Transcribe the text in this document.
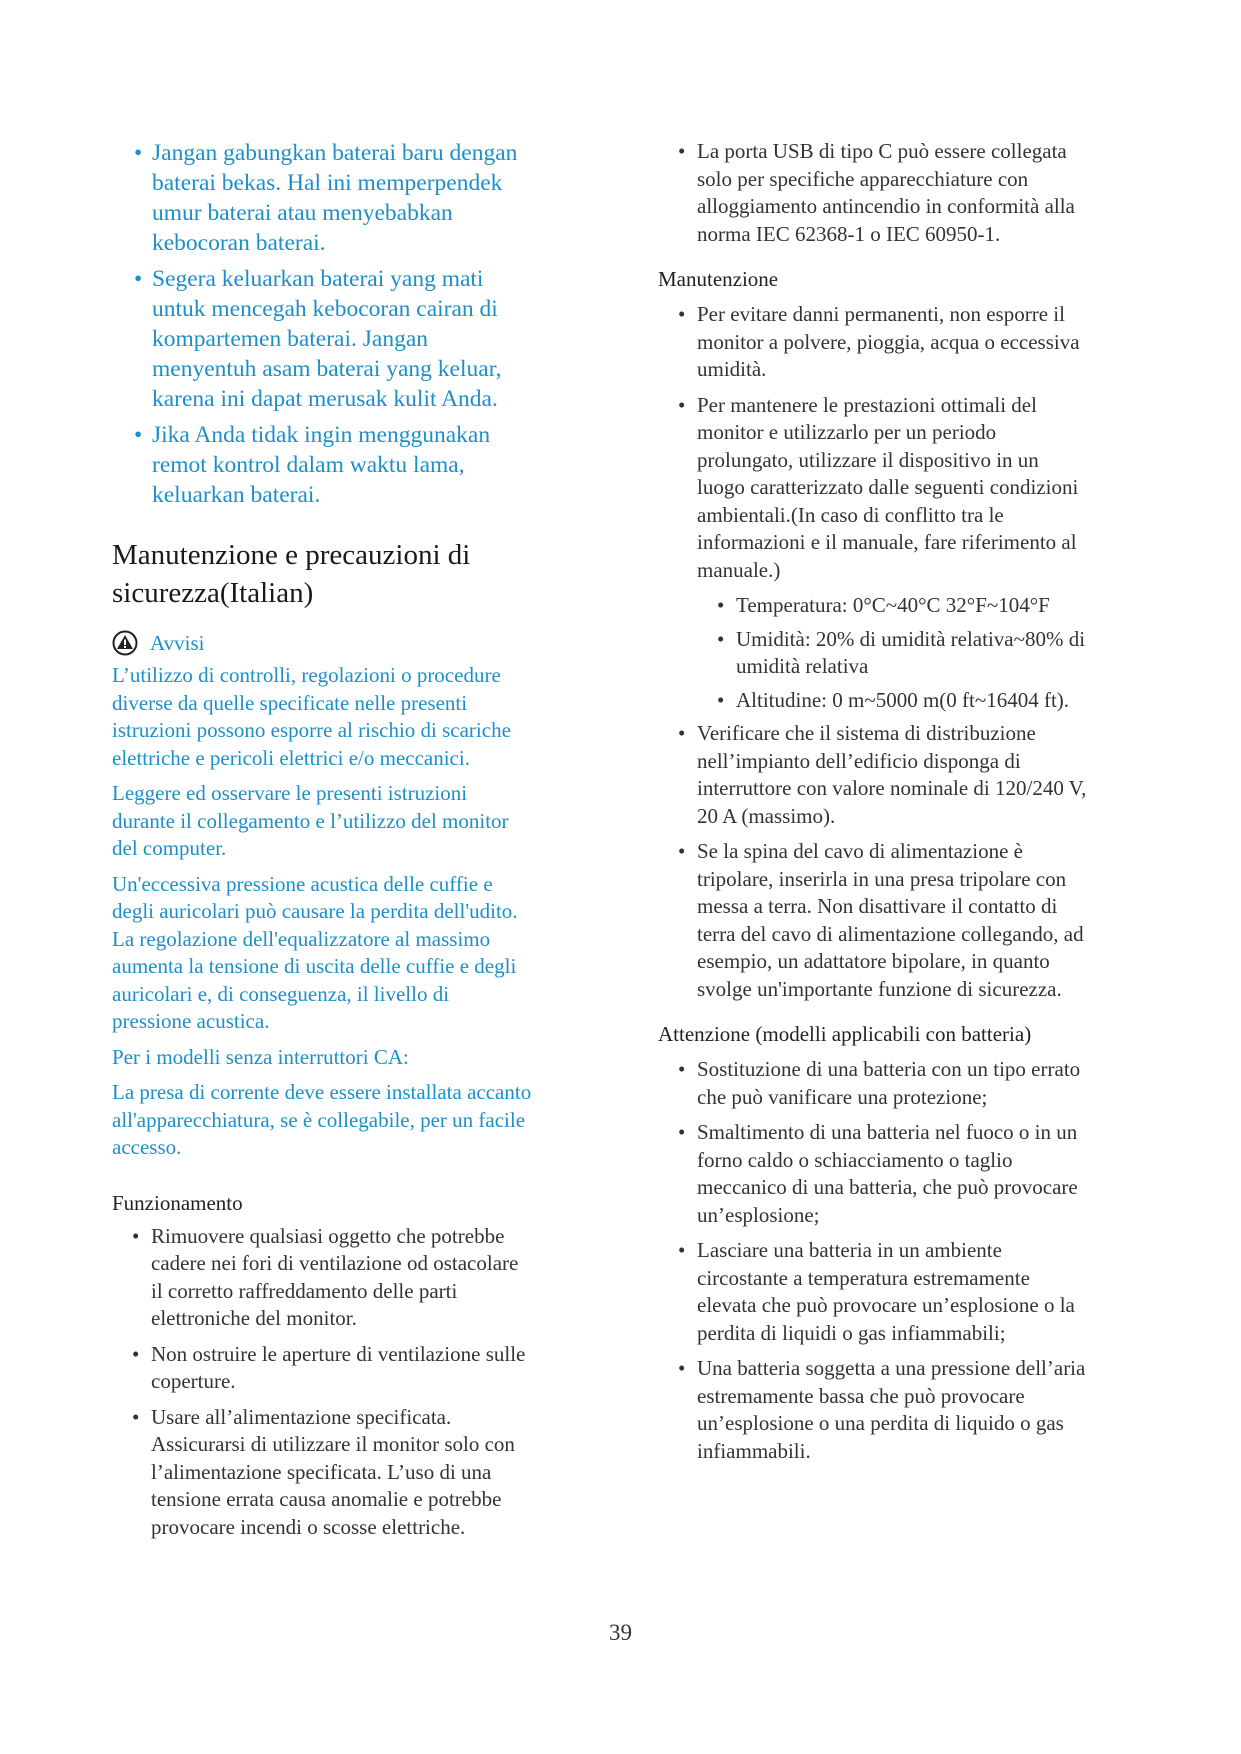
• Jangan gabungkan baterai baru dengan baterai bekas. Hal ini memperpendek umur baterai atau menyebabkan kebocoran baterai.
• Segera keluarkan baterai yang mati untuk mencegah kebocoran cairan di kompartemen baterai. Jangan menyentuh asam baterai yang keluar, karena ini dapat merusak kulit Anda.
• Jika Anda tidak ingin menggunakan remot kontrol dalam waktu lama, keluarkan baterai.
Manutenzione e precauzioni di sicurezza(Italian)
Avvisi

L’utilizzo di controlli, regolazioni o procedure diverse da quelle specificate nelle presenti istruzioni possono esporre al rischio di scariche elettriche e pericoli elettrici e/o meccanici.

Leggere ed osservare le presenti istruzioni durante il collegamento e l’utilizzo del monitor del computer.

Un'eccessiva pressione acustica delle cuffie e degli auricolari può causare la perdita dell'udito. La regolazione dell'equalizzatore al massimo aumenta la tensione di uscita delle cuffie e degli auricolari e, di conseguenza, il livello di pressione acustica.

Per i modelli senza interruttori CA:

La presa di corrente deve essere installata accanto all'apparecchiatura, se è collegabile, per un facile accesso.

Funzionamento
• Rimuovere qualsiasi oggetto che potrebbe cadere nei fori di ventilazione od ostacolare il corretto raffreddamento delle parti elettroniche del monitor.
• Non ostruire le aperture di ventilazione sulle coperture.
• Usare all’alimentazione specificata. Assicurarsi di utilizzare il monitor solo con l’alimentazione specificata. L’uso di una tensione errata causa anomalie e potrebbe provocare incendi o scosse elettriche.
• La porta USB di tipo C può essere collegata solo per specifiche apparecchiature con alloggiamento antincendio in conformità alla norma IEC 62368-1 o IEC 60950-1.
Manutenzione
• Per evitare danni permanenti, non esporre il monitor a polvere, pioggia, acqua o eccessiva umidità.
• Per mantenere le prestazioni ottimali del monitor e utilizzarlo per un periodo prolungato, utilizzare il dispositivo in un luogo caratterizzato dalle seguenti condizioni ambientali.(In caso di conflitto tra le informazioni e il manuale, fare riferimento al manuale.)
• Temperatura: 0°C~40°C 32°F~104°F
• Umidità: 20% di umidità relativa~80% di umidità relativa
• Altitudine: 0 m~5000 m(0 ft~16404 ft).
• Verificare che il sistema di distribuzione nell’impianto dell’edificio disponga di interruttore con valore nominale di 120/240 V, 20 A (massimo).
• Se la spina del cavo di alimentazione è tripolare, inserirla in una presa tripolare con messa a terra. Non disattivare il contatto di terra del cavo di alimentazione collegando, ad esempio, un adattatore bipolare, in quanto svolge un'importante funzione di sicurezza.
Attenzione (modelli applicabili con batteria)
• Sostituzione di una batteria con un tipo errato che può vanificare una protezione;
• Smaltimento di una batteria nel fuoco o in un forno caldo o schiacciamento o taglio meccanico di una batteria, che può provocare un’esplosione;
• Lasciare una batteria in un ambiente circostante a temperatura estremamente elevata che può provocare un’esplosione o la perdita di liquidi o gas infiammabili;
• Una batteria soggetta a una pressione dell’aria estremamente bassa che può provocare un’esplosione o una perdita di liquido o gas infiammabili.
39
